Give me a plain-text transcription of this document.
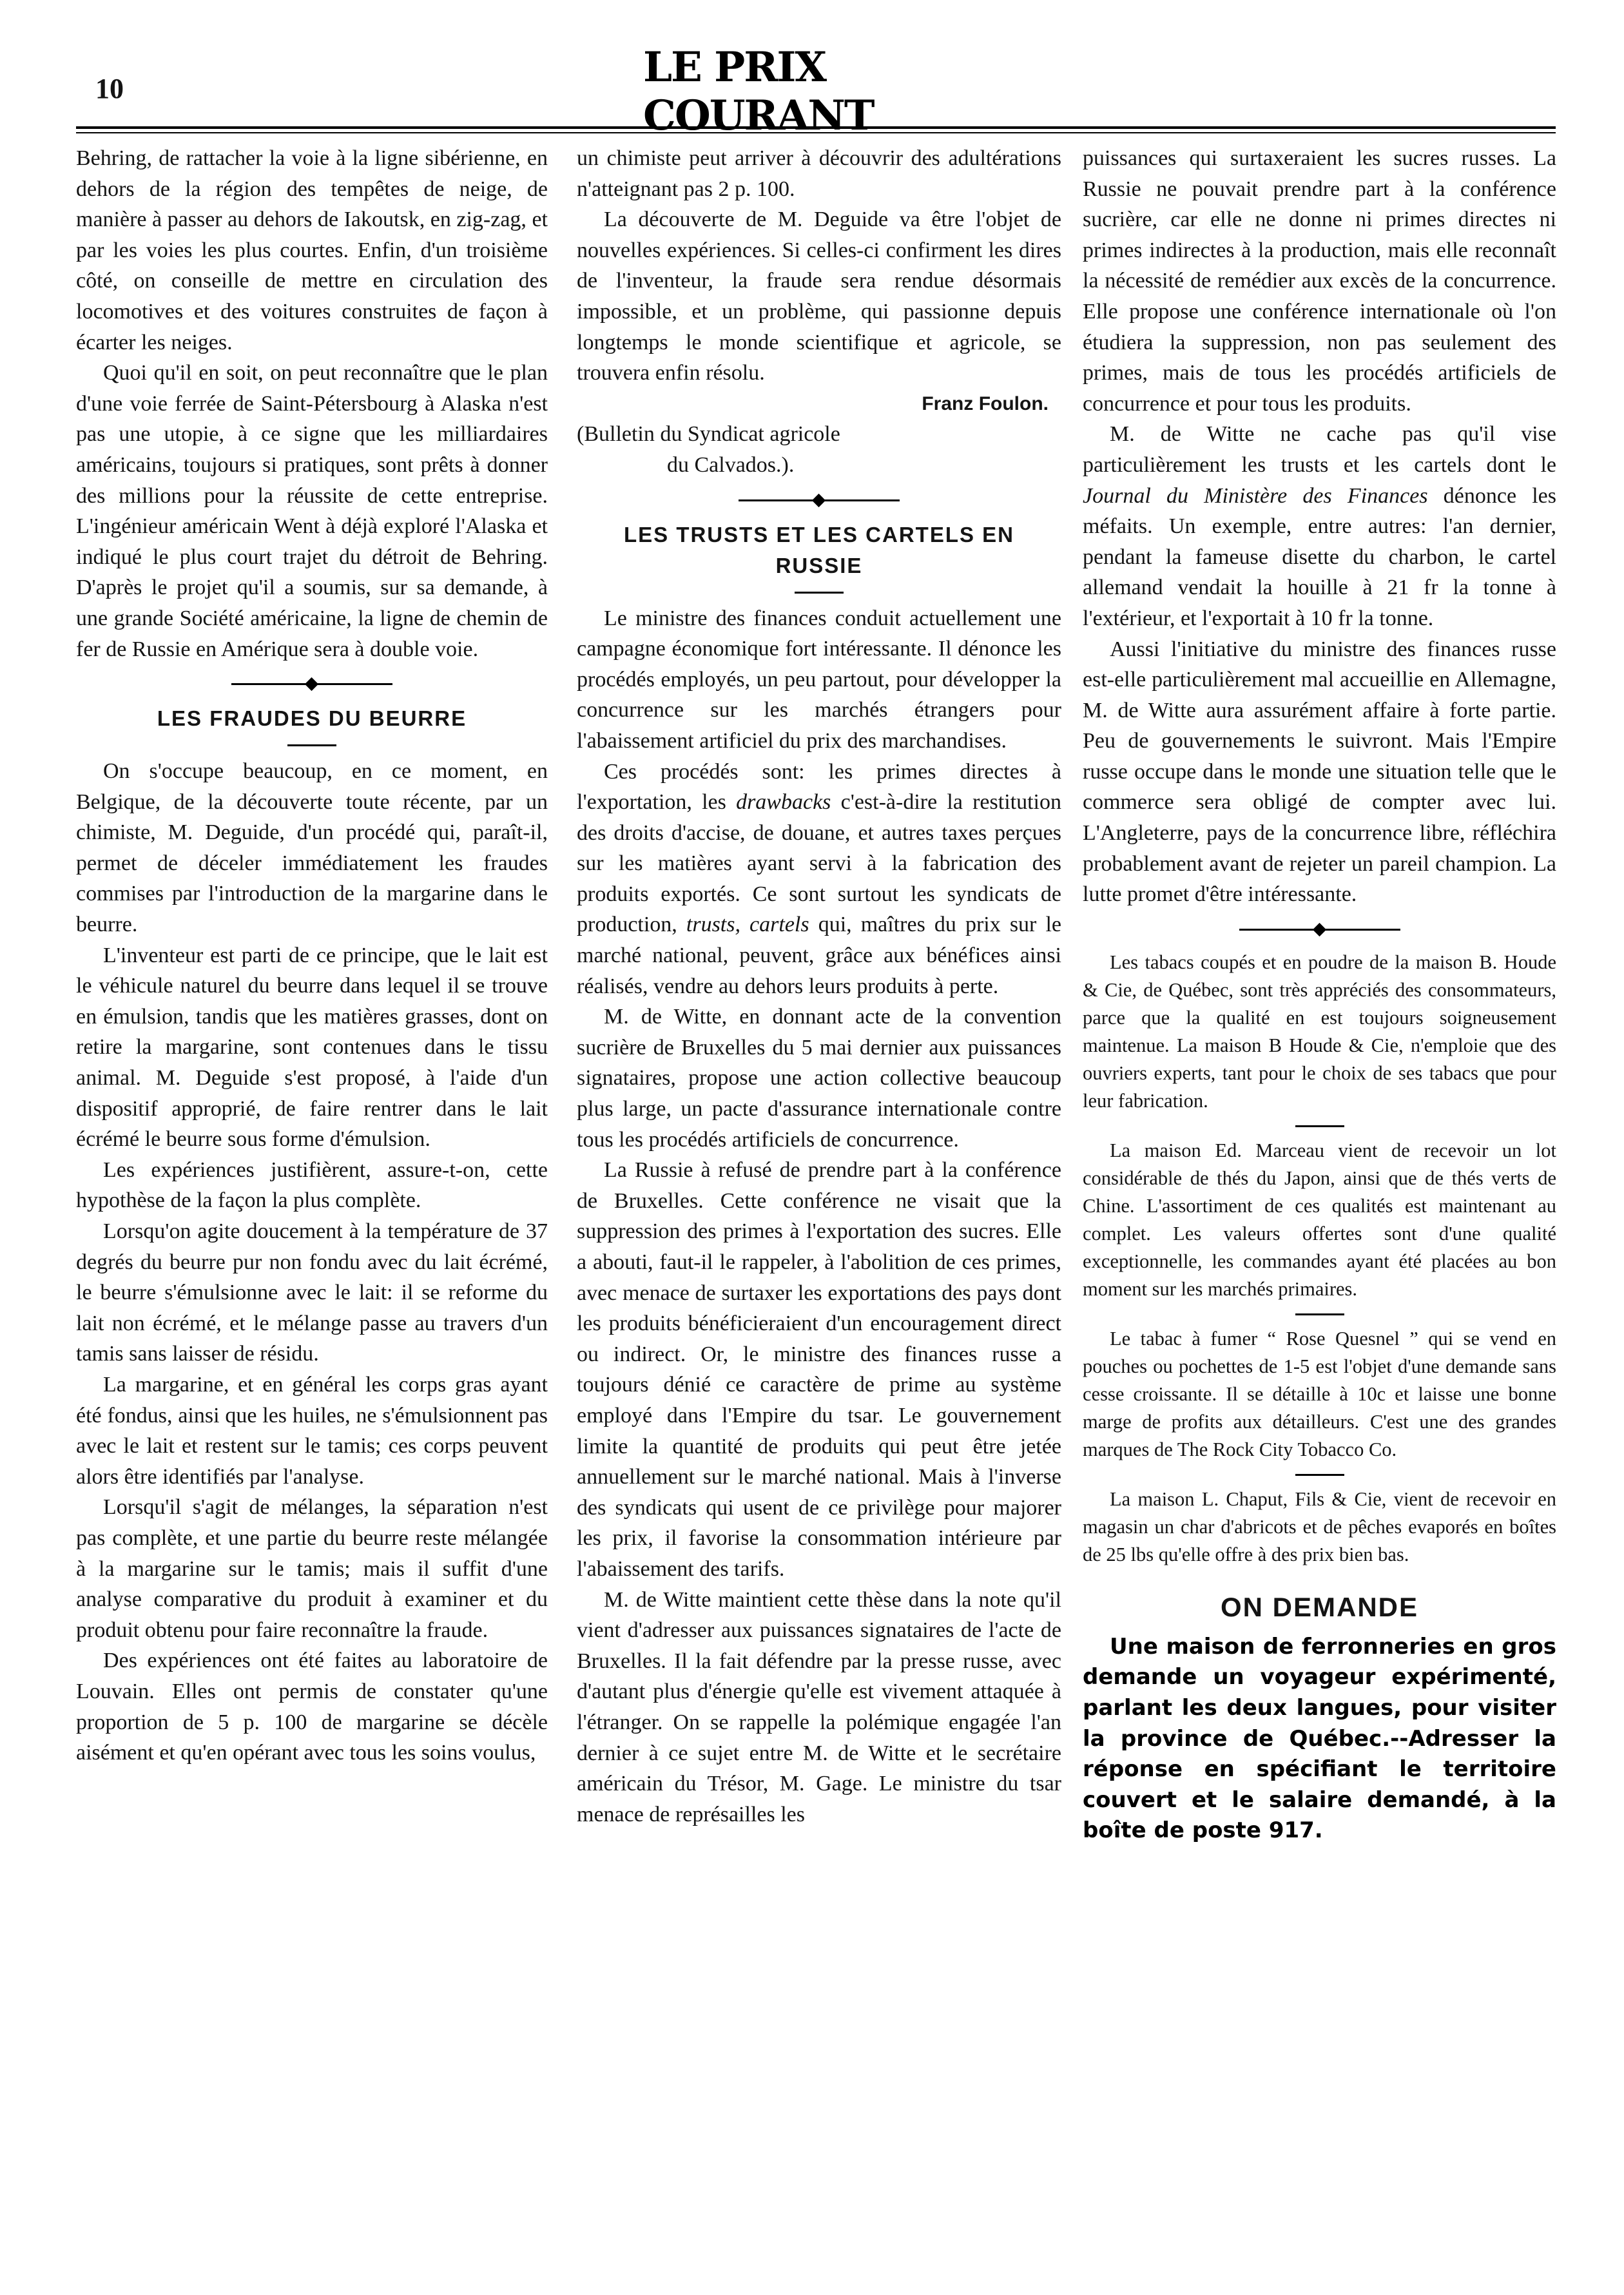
10	LE PRIX COURANT

Behring, de rattacher la voie à la ligne sibérienne, en dehors de la région des tempêtes de neige, de manière à passer au dehors de Iakoutsk, en zig-zag, et par les voies les plus courtes. Enfin, d'un troisième côté, on conseille de mettre en circulation des locomotives et des voitures construites de façon à écarter les neiges.

Quoi qu'il en soit, on peut reconnaître que le plan d'une voie ferrée de Saint-Pétersbourg à Alaska n'est pas une utopie, à ce signe que les milliardaires américains, toujours si pratiques, sont prêts à donner des millions pour la réussite de cette entreprise. L'ingénieur américain Went à déjà exploré l'Alaska et indiqué le plus court trajet du détroit de Behring. D'après le projet qu'il a soumis, sur sa demande, à une grande Société américaine, la ligne de chemin de fer de Russie en Amérique sera à double voie.

LES FRAUDES DU BEURRE

On s'occupe beaucoup, en ce moment, en Belgique, de la découverte toute récente, par un chimiste, M. Deguide, d'un procédé qui, paraît-il, permet de déceler immédiatement les fraudes commises par l'introduction de la margarine dans le beurre.

L'inventeur est parti de ce principe, que le lait est le véhicule naturel du beurre dans lequel il se trouve en émulsion, tandis que les matières grasses, dont on retire la margarine, sont contenues dans le tissu animal. M. Deguide s'est proposé, à l'aide d'un dispositif approprié, de faire rentrer dans le lait écrémé le beurre sous forme d'émulsion.

Les expériences justifièrent, assure-t-on, cette hypothèse de la façon la plus complète.

Lorsqu'on agite doucement à la température de 37 degrés du beurre pur non fondu avec du lait écrémé, le beurre s'émulsionne avec le lait: il se reforme du lait non écrémé, et le mélange passe au travers d'un tamis sans laisser de résidu.

La margarine, et en général les corps gras ayant été fondus, ainsi que les huiles, ne s'émulsionnent pas avec le lait et restent sur le tamis; ces corps peuvent alors être identifiés par l'analyse.

Lorsqu'il s'agit de mélanges, la séparation n'est pas complète, et une partie du beurre reste mélangée à la margarine sur le tamis; mais il suffit d'une analyse comparative du produit à examiner et du produit obtenu pour faire reconnaître la fraude.

Des expériences ont été faites au laboratoire de Louvain. Elles ont permis de constater qu'une proportion de 5 p. 100 de margarine se décèle aisément et qu'en opérant avec tous les soins voulus,

un chimiste peut arriver à découvrir des adultérations n'atteignant pas 2 p. 100.

La découverte de M. Deguide va être l'objet de nouvelles expériences. Si celles-ci confirment les dires de l'inventeur, la fraude sera rendue désormais impossible, et un problème, qui passionne depuis longtemps le monde scientifique et agricole, se trouvera enfin résolu.

Franz Foulon.

(Bulletin du Syndicat agricole

du Calvados.).

LES TRUSTS ET LES CARTELS EN RUSSIE

Le ministre des finances conduit actuellement une campagne économique fort intéressante. Il dénonce les procédés employés, un peu partout, pour développer la concurrence sur les marchés étrangers pour l'abaissement artificiel du prix des marchandises.

Ces procédés sont: les primes directes à l'exportation, les drawbacks c'est-à-dire la restitution des droits d'accise, de douane, et autres taxes perçues sur les matières ayant servi à la fabrication des produits exportés. Ce sont surtout les syndicats de production, trusts, cartels qui, maîtres du prix sur le marché national, peuvent, grâce aux bénéfices ainsi réalisés, vendre au dehors leurs produits à perte.

M. de Witte, en donnant acte de la convention sucrière de Bruxelles du 5 mai dernier aux puissances signataires, propose une action collective beaucoup plus large, un pacte d'assurance internationale contre tous les procédés artificiels de concurrence.

La Russie à refusé de prendre part à la conférence de Bruxelles. Cette conférence ne visait que la suppression des primes à l'exportation des sucres. Elle a abouti, faut-il le rappeler, à l'abolition de ces primes, avec menace de surtaxer les exportations des pays dont les produits bénéficieraient d'un encouragement direct ou indirect. Or, le ministre des finances russe a toujours dénié ce caractère de prime au système employé dans l'Empire du tsar. Le gouvernement limite la quantité de produits qui peut être jetée annuellement sur le marché national. Mais à l'inverse des syndicats qui usent de ce privilège pour majorer les prix, il favorise la consommation intérieure par l'abaissement des tarifs.

M. de Witte maintient cette thèse dans la note qu'il vient d'adresser aux puissances signataires de l'acte de Bruxelles. Il la fait défendre par la presse russe, avec d'autant plus d'énergie qu'elle est vivement attaquée à l'étranger. On se rappelle la polémique engagée l'an dernier à ce sujet entre M. de Witte et le secrétaire américain du Trésor, M. Gage. Le ministre du tsar menace de représailles les

puissances qui surtaxeraient les sucres russes. La Russie ne pouvait prendre part à la conférence sucrière, car elle ne donne ni primes directes ni primes indirectes à la production, mais elle reconnaît la nécessité de remédier aux excès de la concurrence. Elle propose une conférence internationale où l'on étudiera la suppression, non pas seulement des primes, mais de tous les procédés artificiels de concurrence et pour tous les produits.

M. de Witte ne cache pas qu'il vise particulièrement les trusts et les cartels dont le Journal du Ministère des Finances dénonce les méfaits. Un exemple, entre autres: l'an dernier, pendant la fameuse disette du charbon, le cartel allemand vendait la houille à 21 fr la tonne à l'extérieur, et l'exportait à 10 fr la tonne.

Aussi l'initiative du ministre des finances russe est-elle particulièrement mal accueillie en Allemagne, M. de Witte aura assurément affaire à forte partie. Peu de gouvernements le suivront. Mais l'Empire russe occupe dans le monde une situation telle que le commerce sera obligé de compter avec lui. L'Angleterre, pays de la concurrence libre, réfléchira probablement avant de rejeter un pareil champion. La lutte promet d'être intéressante.

Les tabacs coupés et en poudre de la maison B. Houde & Cie, de Québec, sont très appréciés des consommateurs, parce que la qualité en est toujours soigneusement maintenue. La maison B Houde & Cie, n'emploie que des ouvriers experts, tant pour le choix de ses tabacs que pour leur fabrication.

La maison Ed. Marceau vient de recevoir un lot considérable de thés du Japon, ainsi que de thés verts de Chine. L'assortiment de ces qualités est maintenant au complet. Les valeurs offertes sont d'une qualité exceptionnelle, les commandes ayant été placées au bon moment sur les marchés primaires.

Le tabac à fumer “ Rose Quesnel ” qui se vend en pouches ou pochettes de 1-5 est l'objet d'une demande sans cesse croissante. Il se détaille à 10c et laisse une bonne marge de profits aux détailleurs. C'est une des grandes marques de The Rock City Tobacco Co.

La maison L. Chaput, Fils & Cie, vient de recevoir en magasin un char d'abricots et de pêches evaporés en boîtes de 25 lbs qu'elle offre à des prix bien bas.

ON DEMANDE

Une maison de ferronneries en gros demande un voyageur expérimenté, parlant les deux langues, pour visiter la province de Québec.--Adresser la réponse en spécifiant le territoire couvert et le salaire demandé, à la boîte de poste 917.
